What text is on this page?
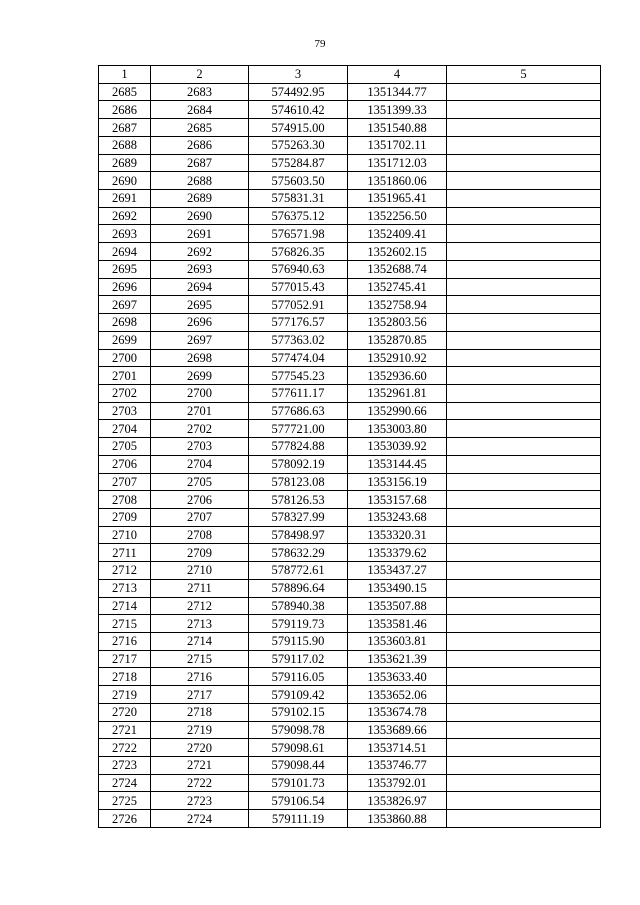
79
1	2	3	4	5
2685	2683	574492.95	1351344.77	
2686	2684	574610.42	1351399.33	
2687	2685	574915.00	1351540.88	
2688	2686	575263.30	1351702.11	
2689	2687	575284.87	1351712.03	
2690	2688	575603.50	1351860.06	
2691	2689	575831.31	1351965.41	
2692	2690	576375.12	1352256.50	
2693	2691	576571.98	1352409.41	
2694	2692	576826.35	1352602.15	
2695	2693	576940.63	1352688.74	
2696	2694	577015.43	1352745.41	
2697	2695	577052.91	1352758.94	
2698	2696	577176.57	1352803.56	
2699	2697	577363.02	1352870.85	
2700	2698	577474.04	1352910.92	
2701	2699	577545.23	1352936.60	
2702	2700	577611.17	1352961.81	
2703	2701	577686.63	1352990.66	
2704	2702	577721.00	1353003.80	
2705	2703	577824.88	1353039.92	
2706	2704	578092.19	1353144.45	
2707	2705	578123.08	1353156.19	
2708	2706	578126.53	1353157.68	
2709	2707	578327.99	1353243.68	
2710	2708	578498.97	1353320.31	
2711	2709	578632.29	1353379.62	
2712	2710	578772.61	1353437.27	
2713	2711	578896.64	1353490.15	
2714	2712	578940.38	1353507.88	
2715	2713	579119.73	1353581.46	
2716	2714	579115.90	1353603.81	
2717	2715	579117.02	1353621.39	
2718	2716	579116.05	1353633.40	
2719	2717	579109.42	1353652.06	
2720	2718	579102.15	1353674.78	
2721	2719	579098.78	1353689.66	
2722	2720	579098.61	1353714.51	
2723	2721	579098.44	1353746.77	
2724	2722	579101.73	1353792.01	
2725	2723	579106.54	1353826.97	
2726	2724	579111.19	1353860.88	
